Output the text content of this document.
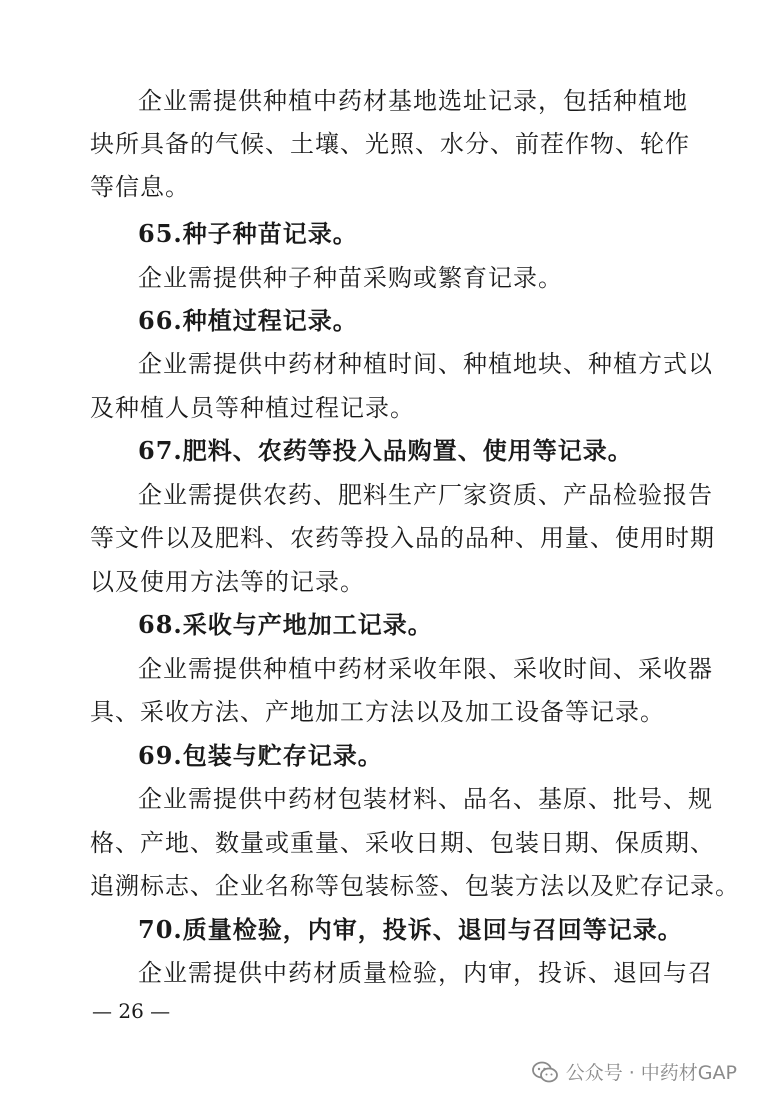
企业需提供种植中药材基地选址记录，包括种植地
块所具备的气候、土壤、光照、水分、前茬作物、轮作
等信息。
65.种子种苗记录。
企业需提供种子种苗采购或繁育记录。
66.种植过程记录。
企业需提供中药材种植时间、种植地块、种植方式以
及种植人员等种植过程记录。
67.肥料、农药等投入品购置、使用等记录。
企业需提供农药、肥料生产厂家资质、产品检验报告
等文件以及肥料、农药等投入品的品种、用量、使用时期
以及使用方法等的记录。
68.采收与产地加工记录。
企业需提供种植中药材采收年限、采收时间、采收器
具、采收方法、产地加工方法以及加工设备等记录。
69.包装与贮存记录。
企业需提供中药材包装材料、品名、基原、批号、规
格、产地、数量或重量、采收日期、包装日期、保质期、
追溯标志、企业名称等包装标签、包装方法以及贮存记录。
70.质量检验，内审，投诉、退回与召回等记录。
企业需提供中药材质量检验，内审，投诉、退回与召
— 26 —
公众号 · 中药材GAP
